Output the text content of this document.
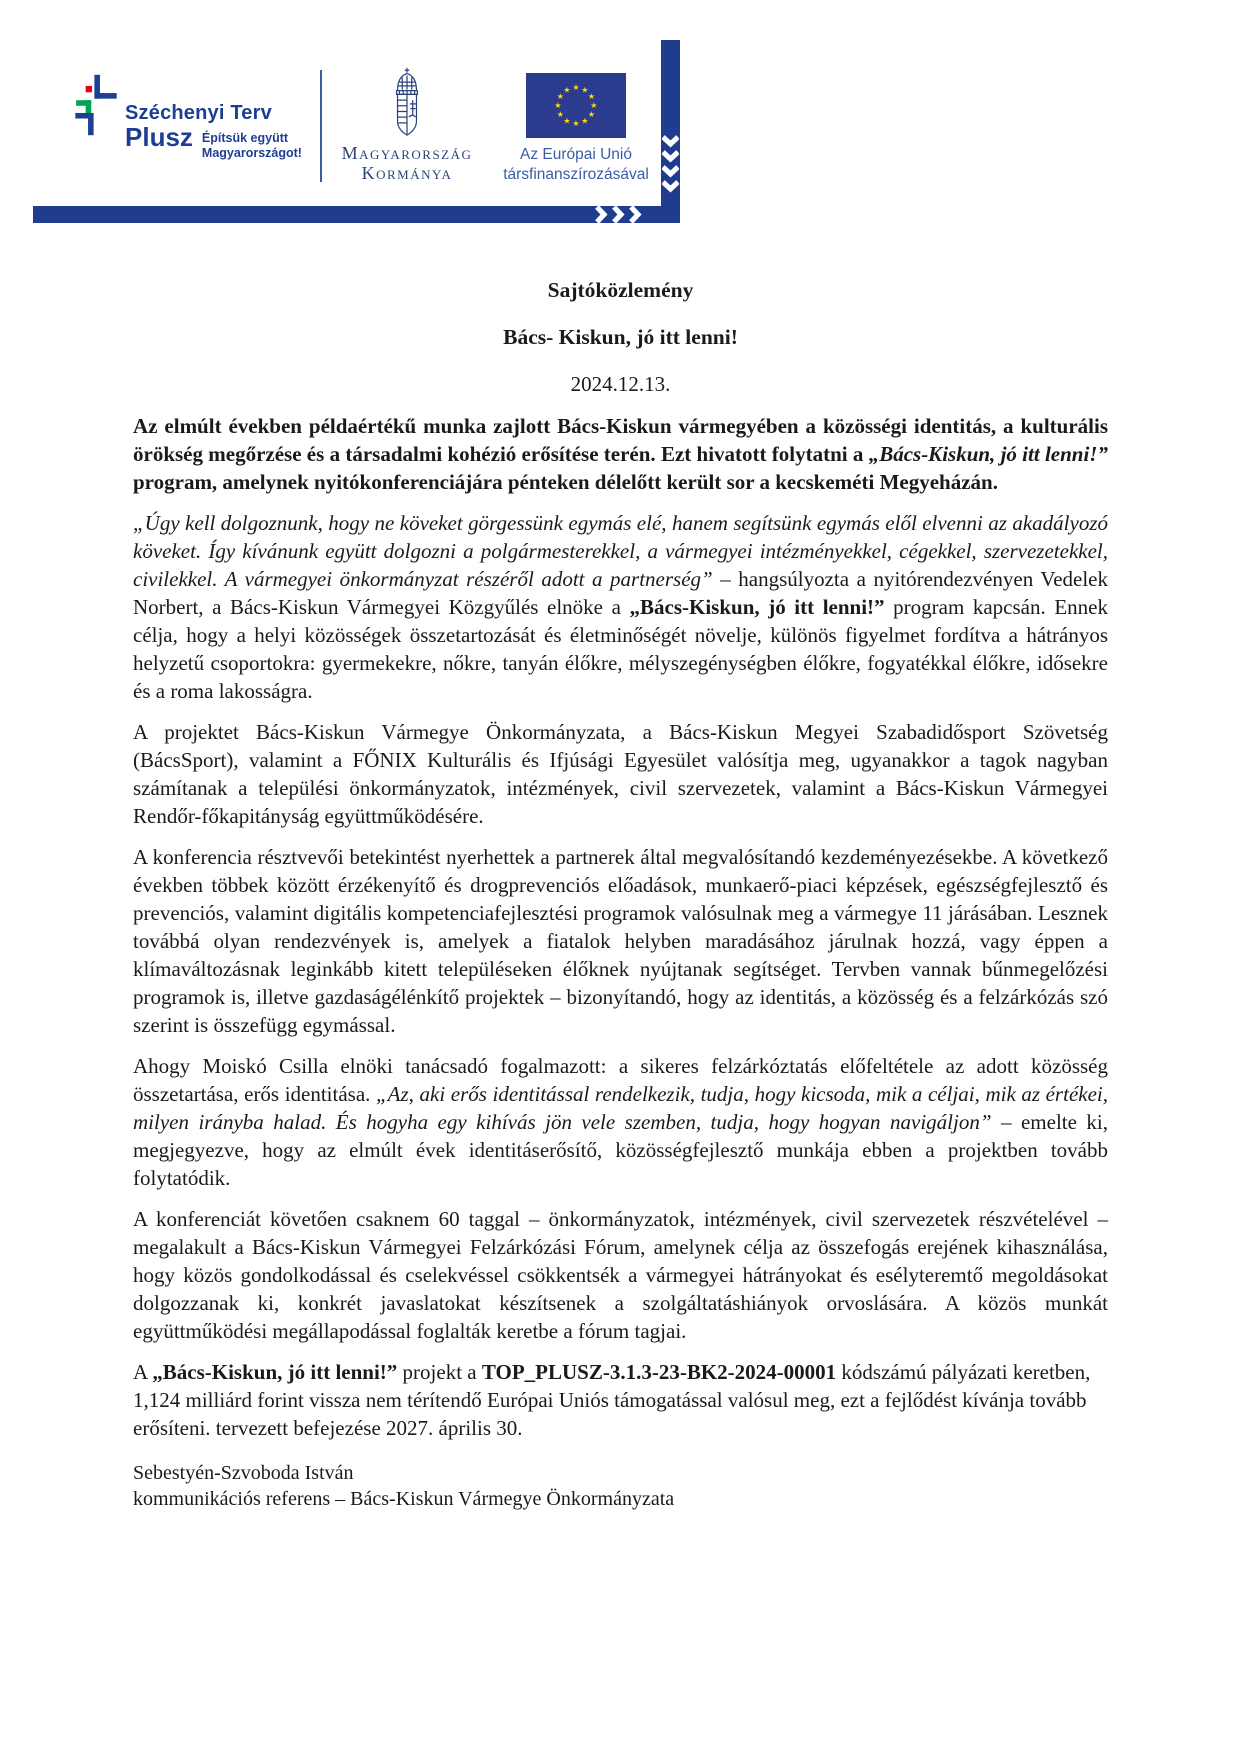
Széchenyi Terv
Plusz Építsük együtt
Magyarországot! Magyarország
Kormánya
★ ★
★
★
★
★
★
★
★
★
★
★
Az Európai Unió
társfinanszírozásával
Sajtóközlemény
Bács- Kiskun, jó itt lenni!
2024.12.13.

Az elmúlt években példaértékű munka zajlott Bács-Kiskun vármegyében a közösségi identitás, a kulturális örökség megőrzése és a társadalmi kohézió erősítése terén. Ezt hivatott folytatni a „Bács-Kiskun, jó itt lenni!” program, amelynek nyitókonferenciájára pénteken délelőtt került sor a kecskeméti Megyeházán.

„Úgy kell dolgoznunk, hogy ne köveket görgessünk egymás elé, hanem segítsünk egymás elől elvenni az akadályozó köveket. Így kívánunk együtt dolgozni a polgármesterekkel, a vármegyei intézményekkel, cégekkel, szervezetekkel, civilekkel. A vármegyei önkormányzat részéről adott a partnerség” – hangsúlyozta a nyitórendezvényen Vedelek Norbert, a Bács-Kiskun Vármegyei Közgyűlés elnöke a „Bács-Kiskun, jó itt lenni!” program kapcsán. Ennek célja, hogy a helyi közösségek összetartozását és életminőségét növelje, különös figyelmet fordítva a hátrányos helyzetű csoportokra: gyermekekre, nőkre, tanyán élőkre, mélyszegénységben élőkre, fogyatékkal élőkre, idősekre és a roma lakosságra.

A projektet Bács-Kiskun Vármegye Önkormányzata, a Bács-Kiskun Megyei Szabadidősport Szövetség (BácsSport), valamint a FŐNIX Kulturális és Ifjúsági Egyesület valósítja meg, ugyanakkor a tagok nagyban számítanak a települési önkormányzatok, intézmények, civil szervezetek, valamint a Bács-Kiskun Vármegyei Rendőr-főkapitányság együttműködésére.

A konferencia résztvevői betekintést nyerhettek a partnerek által megvalósítandó kezdeményezésekbe. A következő években többek között érzékenyítő és drogprevenciós előadások, munkaerő-piaci képzések, egészségfejlesztő és prevenciós, valamint digitális kompetenciafejlesztési programok valósulnak meg a vármegye 11 járásában. Lesznek továbbá olyan rendezvények is, amelyek a fiatalok helyben maradásához járulnak hozzá, vagy éppen a klímaváltozásnak leginkább kitett településeken élőknek nyújtanak segítséget. Tervben vannak bűnmegelőzési programok is, illetve gazdaságélénkítő projektek – bizonyítandó, hogy az identitás, a közösség és a felzárkózás szó szerint is összefügg egymással.

Ahogy Moiskó Csilla elnöki tanácsadó fogalmazott: a sikeres felzárkóztatás előfeltétele az adott közösség összetartása, erős identitása. „Az, aki erős identitással rendelkezik, tudja, hogy kicsoda, mik a céljai, mik az értékei, milyen irányba halad. És hogyha egy kihívás jön vele szemben, tudja, hogy hogyan navigáljon” – emelte ki, megjegyezve, hogy az elmúlt évek identitáserősítő, közösségfejlesztő munkája ebben a projektben tovább folytatódik.

A konferenciát követően csaknem 60 taggal – önkormányzatok, intézmények, civil szervezetek részvételével – megalakult a Bács-Kiskun Vármegyei Felzárkózási Fórum, amelynek célja az összefogás erejének kihasználása, hogy közös gondolkodással és cselekvéssel csökkentsék a vármegyei hátrányokat és esélyteremtő megoldásokat dolgozzanak ki, konkrét javaslatokat készítsenek a szolgáltatáshiányok orvoslására. A közös munkát együttműködési megállapodással foglalták keretbe a fórum tagjai.

A „Bács-Kiskun, jó itt lenni!” projekt a TOP_PLUSZ-3.1.3-23-BK2-2024-00001 kódszámú pályázati keretben, 1,124 milliárd forint vissza nem térítendő Európai Uniós támogatással valósul meg, ezt a fejlődést kívánja tovább erősíteni. tervezett befejezése 2027. április 30.

Sebestyén-Szvoboda István
kommunikációs referens – Bács-Kiskun Vármegye Önkormányzata
